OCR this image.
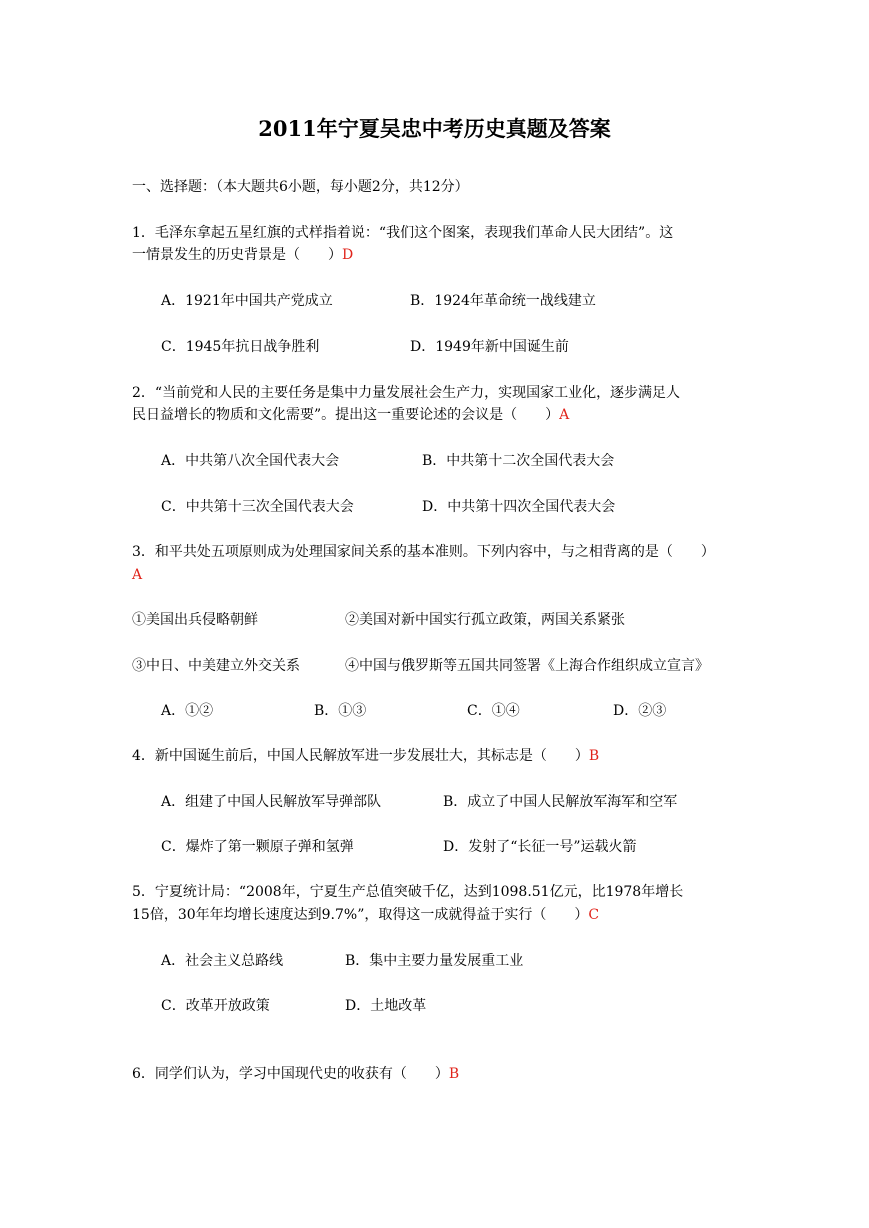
2011年宁夏吴忠中考历史真题及答案
一、选择题：（本大题共6小题，每小题2分，共12分）
1．毛泽东拿起五星红旗的式样指着说：“我们这个图案，表现我们革命人民大团结”。这
一情景发生的历史背景是（　　）D
A．1921年中国共产党成立	B．1924年革命统一战线建立
C．1945年抗日战争胜利	D．1949年新中国诞生前
2．“当前党和人民的主要任务是集中力量发展社会生产力，实现国家工业化，逐步满足人
民日益增长的物质和文化需要”。提出这一重要论述的会议是（　　）A
A．中共第八次全国代表大会	B．中共第十二次全国代表大会
C．中共第十三次全国代表大会	D．中共第十四次全国代表大会
3．和平共处五项原则成为处理国家间关系的基本准则。下列内容中，与之相背离的是（　　）
A
①美国出兵侵略朝鲜	②美国对新中国实行孤立政策，两国关系紧张
③中日、中美建立外交关系	④中国与俄罗斯等五国共同签署《上海合作组织成立宣言》
A．①②	B．①③	C．①④	D．②③
4．新中国诞生前后，中国人民解放军进一步发展壮大，其标志是（　　）B
A．组建了中国人民解放军导弹部队	B．成立了中国人民解放军海军和空军
C．爆炸了第一颗原子弹和氢弹	D．发射了“长征一号”运载火箭
5．宁夏统计局：“2008年，宁夏生产总值突破千亿，达到1098.51亿元，比1978年增长
15倍，30年年均增长速度达到9.7%”，取得这一成就得益于实行（　　）C
A．社会主义总路线	B．集中主要力量发展重工业
C．改革开放政策	D．土地改革
6．同学们认为，学习中国现代史的收获有（　　）B
